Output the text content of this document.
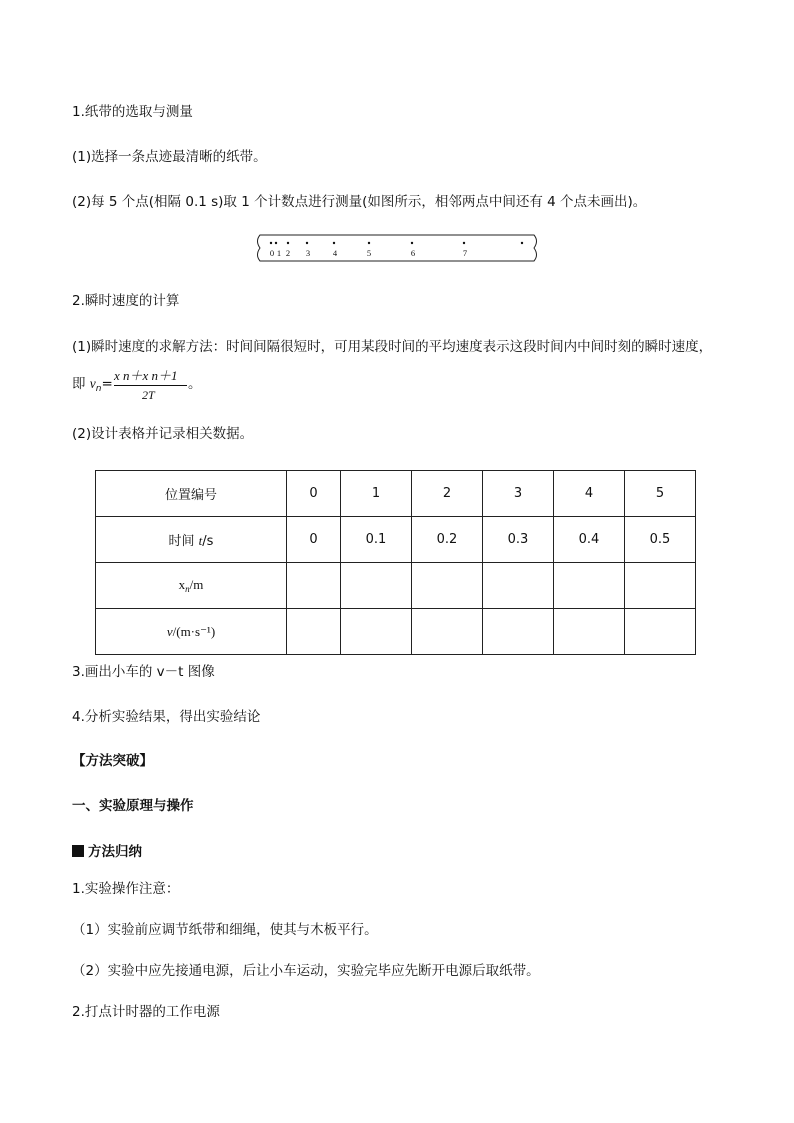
1.纸带的选取与测量
(1)选择一条点迹最清晰的纸带。
(2)每 5 个点(相隔 0.1 s)取 1 个计数点进行测量(如图所示，相邻两点中间还有 4 个点未画出)。
0 1 2 3	4	5	6	7
2.瞬时速度的计算
(1)瞬时速度的求解方法：时间间隔很短时，可用某段时间的平均速度表示这段时间内中间时刻的瞬时速度，
即 $v_n=$
x n＋x n＋1
2T
。
(2)设计表格并记录相关数据。
位置编号	0	1	2	3	4	5
时间 t/s	0	0.1	0.2	0.3	0.4	0.5
$x_n/m$						
v/(m·s⁻¹)						
3.画出小车的 v－t 图像
4.分析实验结果，得出实验结论
【方法突破】
一、实验原理与操作
方法归纳
1.实验操作注意：
（1）实验前应调节纸带和细绳，使其与木板平行。
（2）实验中应先接通电源，后让小车运动，实验完毕应先断开电源后取纸带。
2.打点计时器的工作电源
